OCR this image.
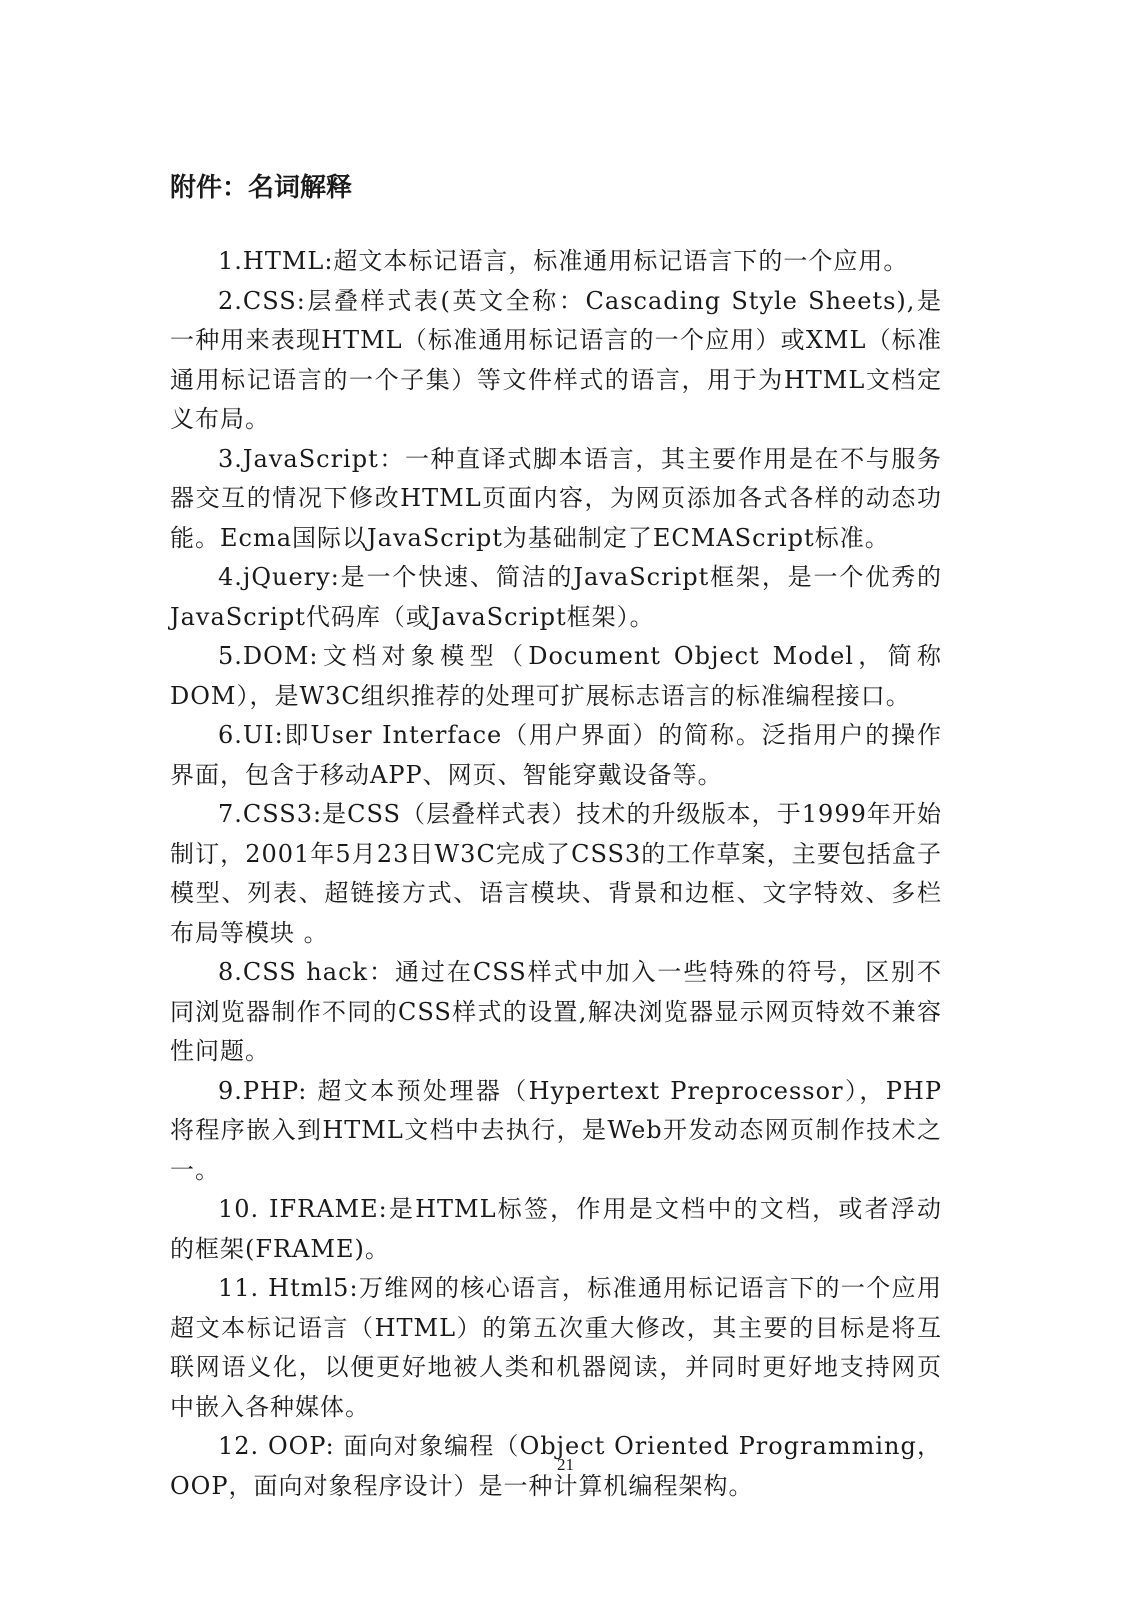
附件：名词解释

1.HTML:超文本标记语言，标准通用标记语言下的一个应用。

2.CSS:层叠样式表(英文全称：Cascading Style Sheets),是一种用来表现HTML（标准通用标记语言的一个应用）或XML（标准通用标记语言的一个子集）等文件样式的语言，用于为HTML文档定义布局。

3.JavaScript：一种直译式脚本语言，其主要作用是在不与服务器交互的情况下修改HTML页面内容，为网页添加各式各样的动态功能。Ecma国际以JavaScript为基础制定了ECMAScript标准。

4.jQuery:是一个快速、简洁的JavaScript框架，是一个优秀的JavaScript代码库（或JavaScript框架）。

5.DOM:文档对象模型（Document Object Model，简称DOM），是W3C组织推荐的处理可扩展标志语言的标准编程接口。

6.UI:即User Interface（用户界面）的简称。泛指用户的操作界面，包含于移动APP、网页、智能穿戴设备等。

7.CSS3:是CSS（层叠样式表）技术的升级版本，于1999年开始制订，2001年5月23日W3C完成了CSS3的工作草案，主要包括盒子模型、列表、超链接方式、语言模块、背景和边框、文字特效、多栏布局等模块 。

8.CSS hack：通过在CSS样式中加入一些特殊的符号，区别不同浏览器制作不同的CSS样式的设置,解决浏览器显示网页特效不兼容性问题。

9.PHP: 超文本预处理器（Hypertext Preprocessor），PHP将程序嵌入到HTML文档中去执行，是Web开发动态网页制作技术之一。

10. IFRAME:是HTML标签，作用是文档中的文档，或者浮动的框架(FRAME)。

11. Html5:万维网的核心语言，标准通用标记语言下的一个应用超文本标记语言（HTML）的第五次重大修改，其主要的目标是将互联网语义化，以便更好地被人类和机器阅读，并同时更好地支持网页中嵌入各种媒体。

12. OOP: 面向对象编程（Object Oriented Programming，OOP，面向对象程序设计）是一种计算机编程架构。

21
